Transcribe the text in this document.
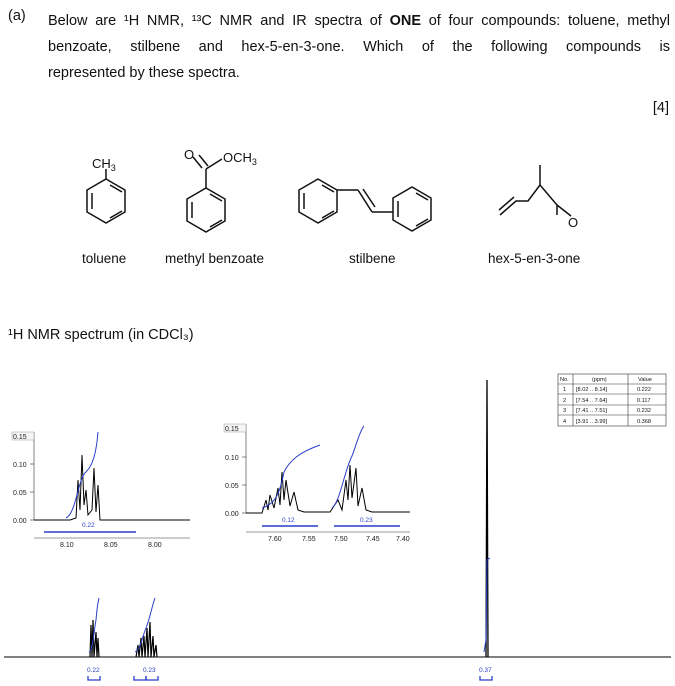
(a) Below are ¹H NMR, ¹³C NMR and IR spectra of ONE of four compounds: toluene, methyl
benzoate, stilbene and hex-5-en-3-one. Which of the following compounds is
represented by these spectra.
[4]
$CH_3$
O $OCH_3$
O
toluene	methyl benzoate	stilbene	hex-5-en-3-one
¹H NMR spectrum (in CDCl₃)
No.	(ppm)	Value
1 [8.02 .. 8.14]	0.222
2 [7.54 .. 7.64]	0.117
3 [7.41 .. 7.51]	0.232
4 [3.91 .. 3.99]	0.368
0.15
0.10
0.05
0.00
0.22
8.10	8.05	8.00
0.15
0.10
0.05
0.00
0.12	0.23
7.60	7.55	7.50	7.45 7.40
0.22	0.23	0.37
